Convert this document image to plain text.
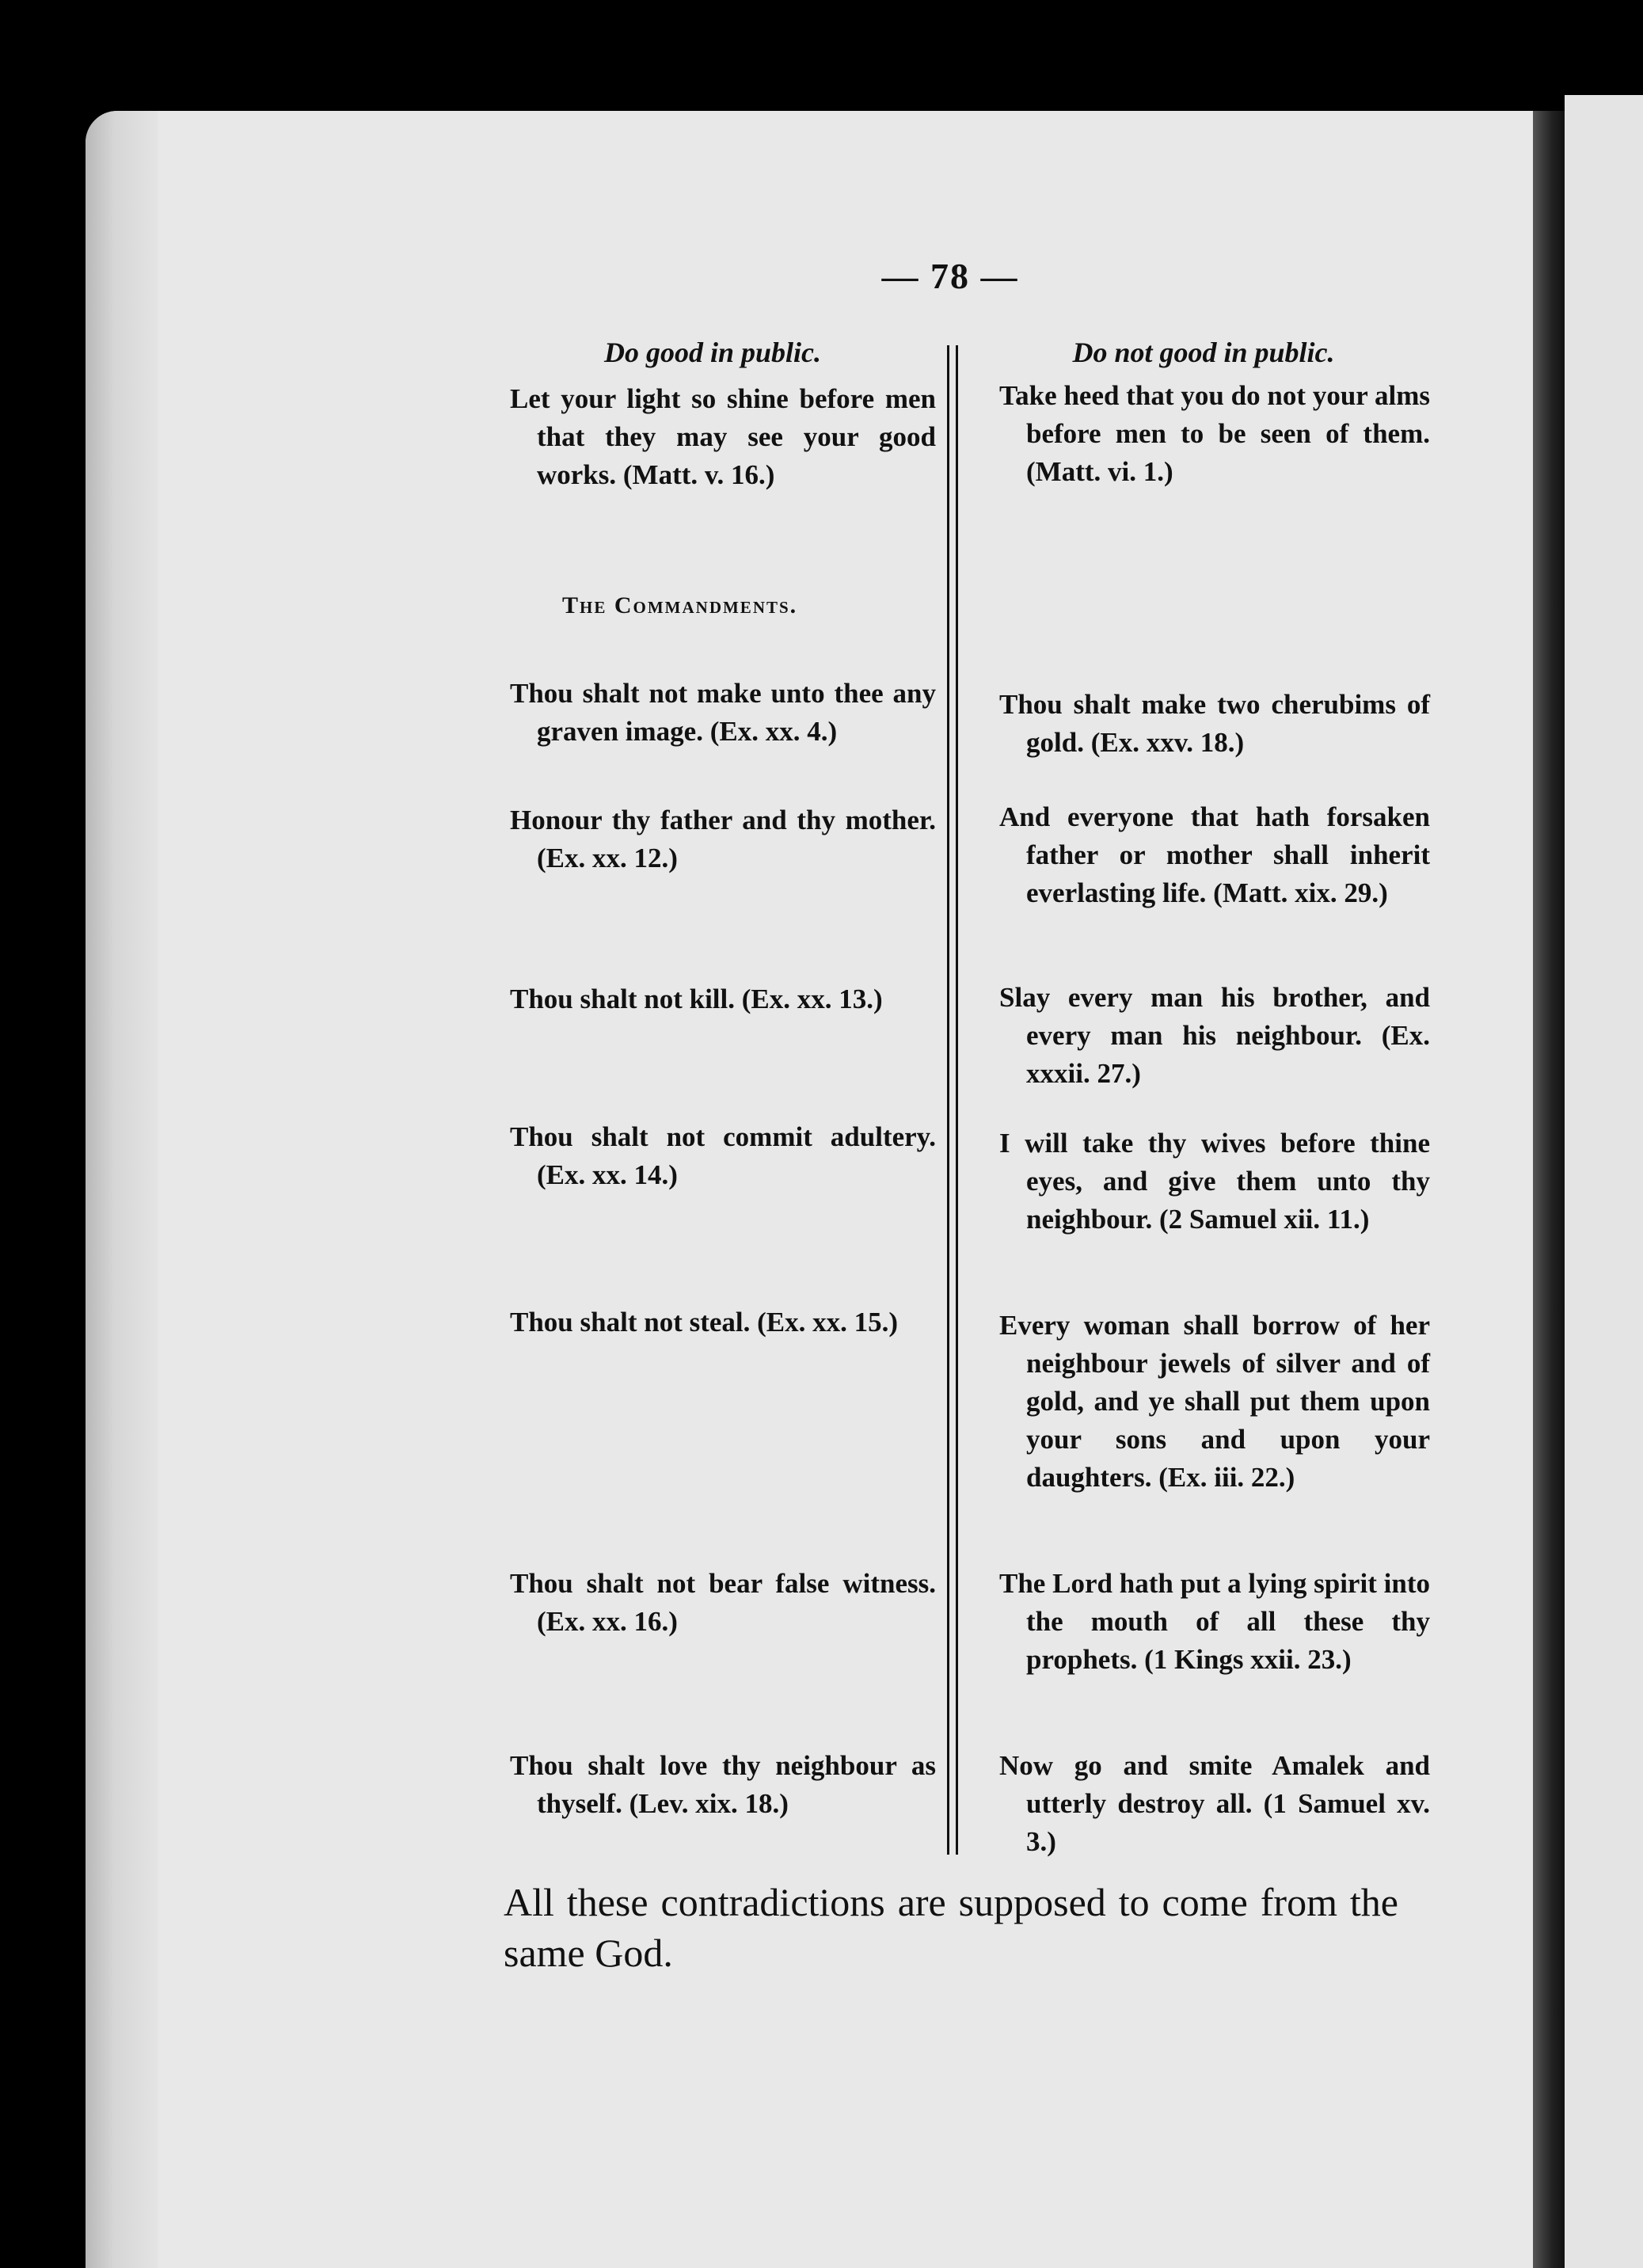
— 78 —
Do good in public.	Do not good in public.
The Commandments.
Let your light so shine before men that they may see your good works. (Matt. v. 16.)
Thou shalt not make unto thee any graven image. (Ex. xx. 4.)
Honour thy father and thy mother. (Ex. xx. 12.)
Thou shalt not kill. (Ex. xx. 13.)
Thou shalt not commit adultery. (Ex. xx. 14.)
Thou shalt not steal. (Ex. xx. 15.)
Thou shalt not bear false witness. (Ex. xx. 16.)
Thou shalt love thy neighbour as thyself. (Lev. xix. 18.)
Take heed that you do not your alms before men to be seen of them. (Matt. vi. 1.)
Thou shalt make two cherubims of gold. (Ex. xxv. 18.)
And everyone that hath forsaken father or mother shall inherit everlasting life. (Matt. xix. 29.)
Slay every man his brother, and every man his neighbour. (Ex. xxxii. 27.)
I will take thy wives before thine eyes, and give them unto thy neighbour. (2 Samuel xii. 11.)
Every woman shall borrow of her neighbour jewels of silver and of gold, and ye shall put them upon your sons and upon your daughters. (Ex. iii. 22.)
The Lord hath put a lying spirit into the mouth of all these thy prophets. (1 Kings xxii. 23.)
Now go and smite Amalek and utterly destroy all. (1 Samuel xv. 3.)
All these contradictions are supposed to come from the same God.
